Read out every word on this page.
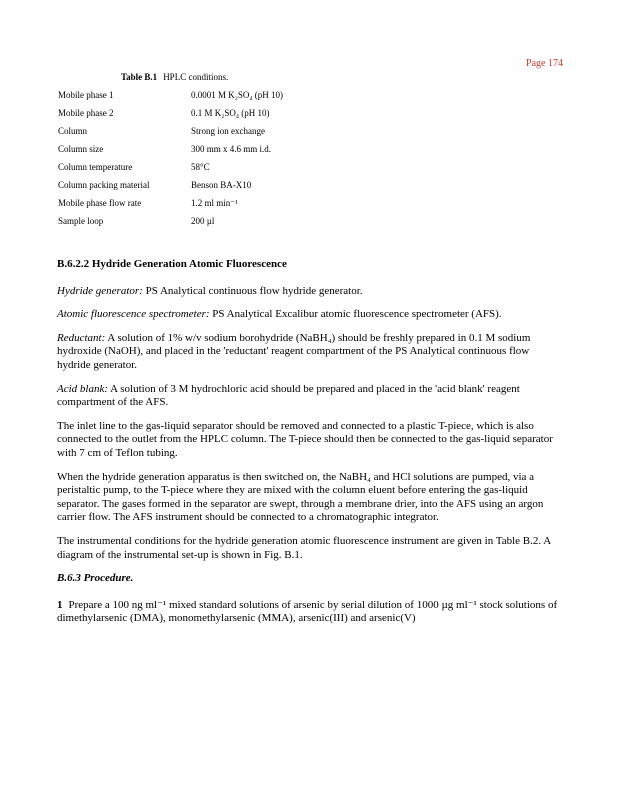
Page 174
Table B.1 HPLC conditions.
Mobile phase 1	0.0001 M K₂SO₄ (pH 10)
Mobile phase 2	0.1 M K₂SO₄ (pH 10)
Column	Strong ion exchange
Column size	300 mm x 4.6 mm i.d.
Column temperature	58°C
Column packing material	Benson BA-X10
Mobile phase flow rate	1.2 ml min⁻¹
Sample loop	200 µl
B.6.2.2 Hydride Generation Atomic Fluorescence

Hydride generator: PS Analytical continuous flow hydride generator.

Atomic fluorescence spectrometer: PS Analytical Excalibur atomic fluorescence spectrometer (AFS).

Reductant: A solution of 1% w/v sodium borohydride (NaBH₄) should be freshly prepared in 0.1 M sodium hydroxide (NaOH), and placed in the 'reductant' reagent compartment of the PS Analytical continuous flow hydride generator.

Acid blank: A solution of 3 M hydrochloric acid should be prepared and placed in the 'acid blank' reagent compartment of the AFS.

The inlet line to the gas-liquid separator should be removed and connected to a plastic T-piece, which is also connected to the outlet from the HPLC column. The T-piece should then be connected to the gas-liquid separator with 7 cm of Teflon tubing.

When the hydride generation apparatus is then switched on, the NaBH₄ and HCl solutions are pumped, via a peristaltic pump, to the T-piece where they are mixed with the column eluent before entering the gas-liquid separator. The gases formed in the separator are swept, through a membrane drier, into the AFS using an argon carrier flow. The AFS instrument should be connected to a chromatographic integrator.

The instrumental conditions for the hydride generation atomic fluorescence instrument are given in Table B.2. A diagram of the instrumental set-up is shown in Fig. B.1.

B.6.3 Procedure.

1 Prepare a 100 ng ml⁻¹ mixed standard solutions of arsenic by serial dilution of 1000 µg ml⁻¹ stock solutions of dimethylarsenic (DMA), monomethylarsenic (MMA), arsenic(III) and arsenic(V)
